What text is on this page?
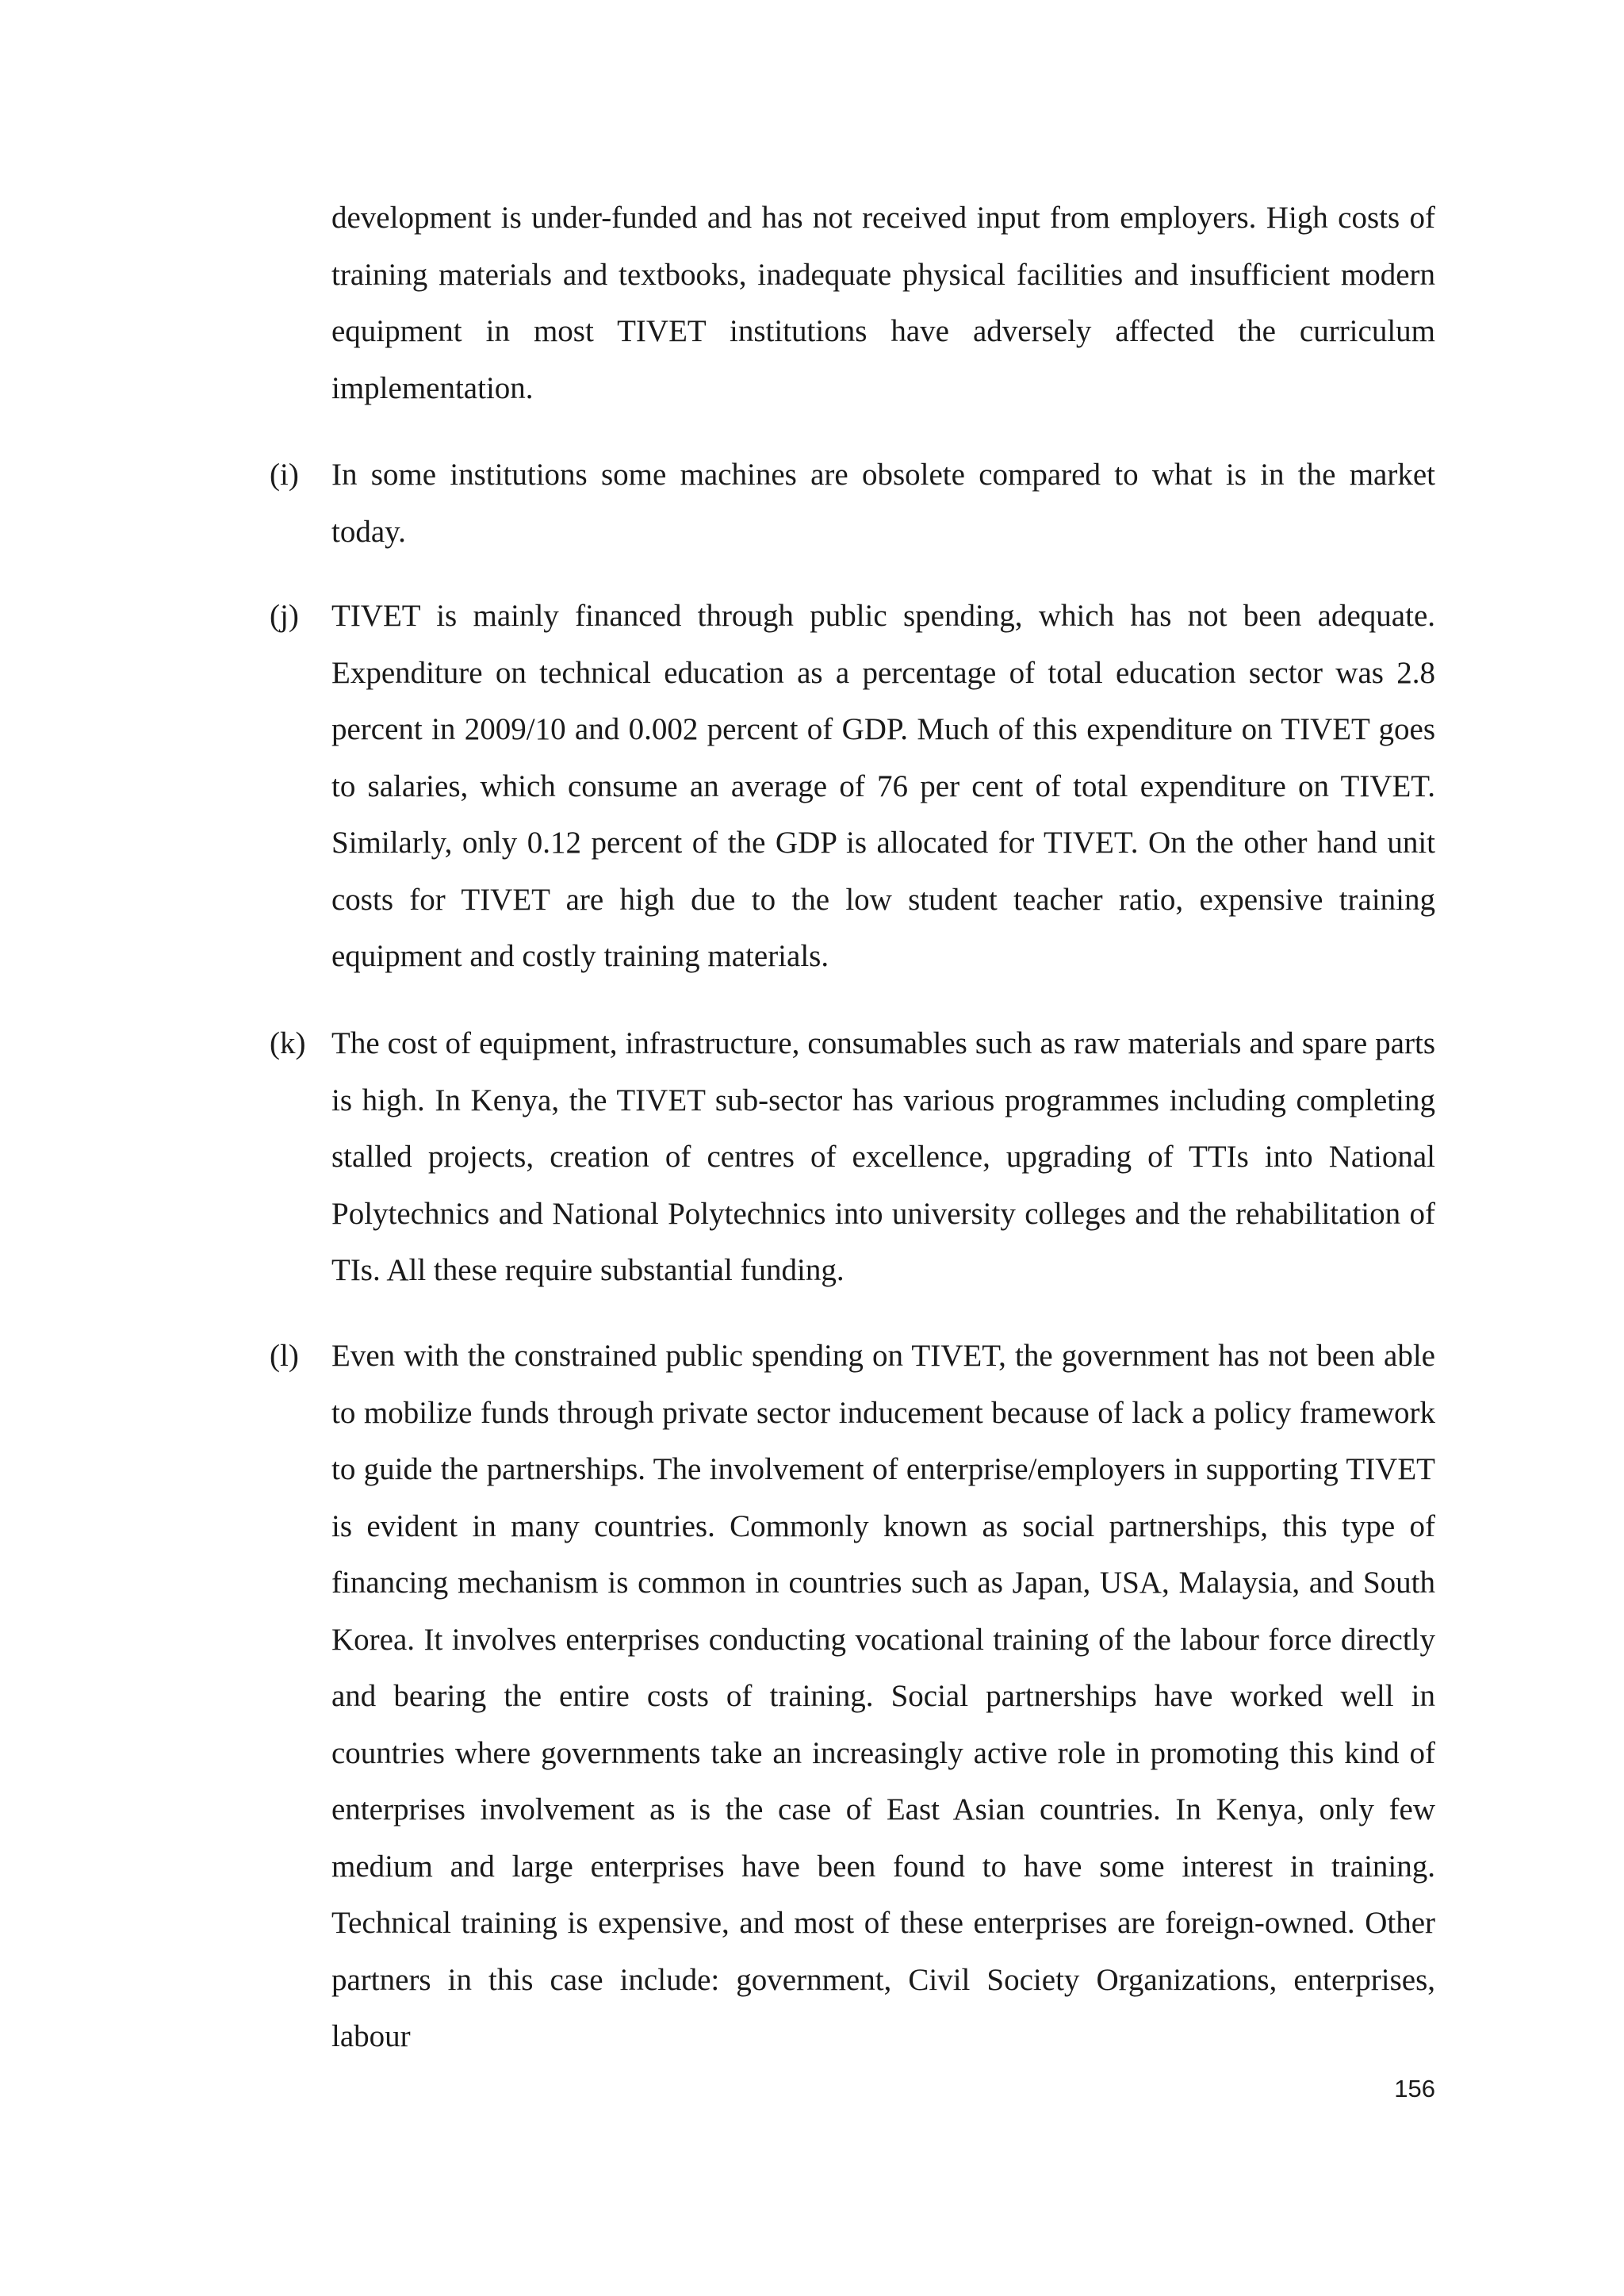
development is under-funded and has not received input from employers. High costs of training materials and textbooks, inadequate physical facilities and insufficient modern equipment in most TIVET institutions have adversely affected the curriculum implementation.
(i) In some institutions some machines are obsolete compared to what is in the market today.
(j) TIVET is mainly financed through public spending, which has not been adequate. Expenditure on technical education as a percentage of total education sector was 2.8 percent in 2009/10 and 0.002 percent of GDP. Much of this expenditure on TIVET goes to salaries, which consume an average of 76 per cent of total expenditure on TIVET. Similarly, only 0.12 percent of the GDP is allocated for TIVET. On the other hand unit costs for TIVET are high due to the low student teacher ratio, expensive training equipment and costly training materials.
(k) The cost of equipment, infrastructure, consumables such as raw materials and spare parts is high. In Kenya, the TIVET sub-sector has various programmes including completing stalled projects, creation of centres of excellence, upgrading of TTIs into National Polytechnics and National Polytechnics into university colleges and the rehabilitation of TIs. All these require substantial funding.
(l) Even with the constrained public spending on TIVET, the government has not been able to mobilize funds through private sector inducement because of lack a policy framework to guide the partnerships. The involvement of enterprise/employers in supporting TIVET is evident in many countries. Commonly known as social partnerships, this type of financing mechanism is common in countries such as Japan, USA, Malaysia, and South Korea. It involves enterprises conducting vocational training of the labour force directly and bearing the entire costs of training. Social partnerships have worked well in countries where governments take an increasingly active role in promoting this kind of enterprises involvement as is the case of East Asian countries. In Kenya, only few medium and large enterprises have been found to have some interest in training. Technical training is expensive, and most of these enterprises are foreign-owned. Other partners in this case include: government, Civil Society Organizations, enterprises, labour
156
